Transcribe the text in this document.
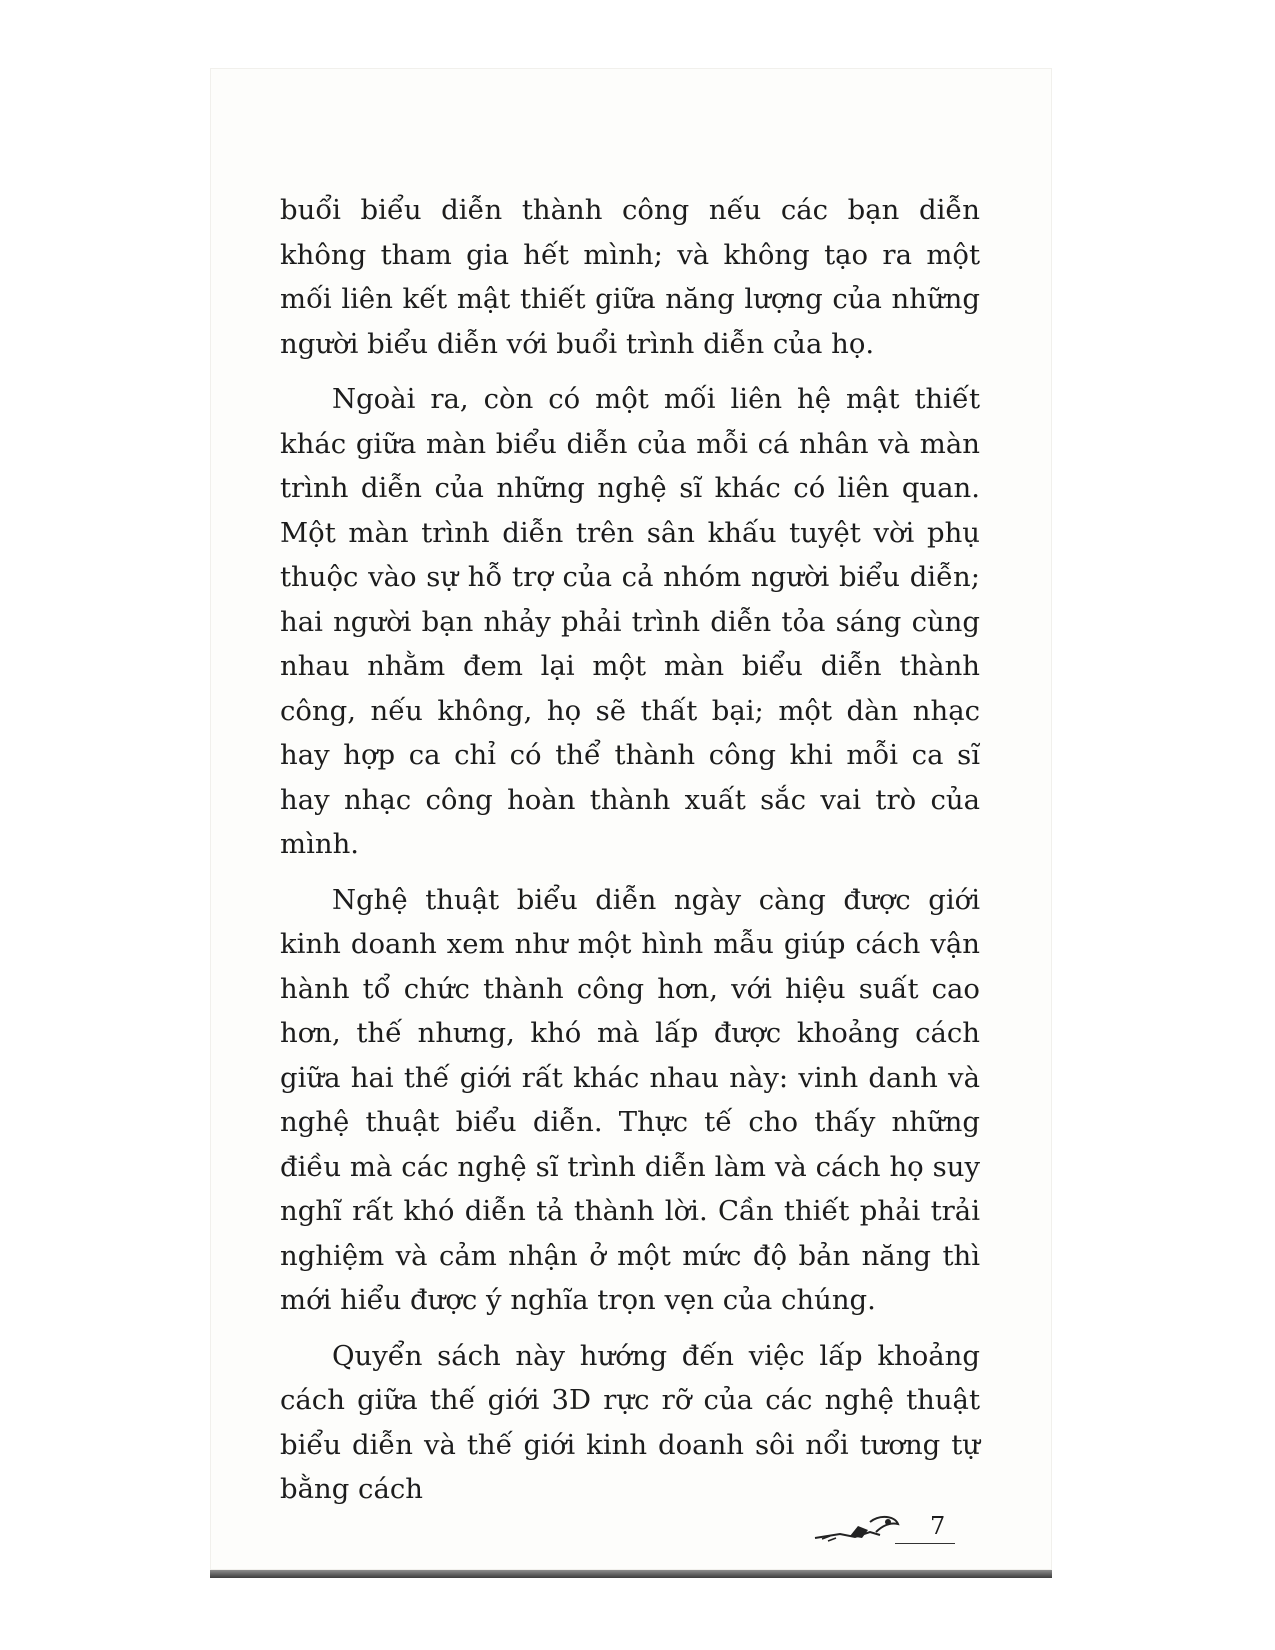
buổi biểu diễn thành công nếu các bạn diễn không tham gia hết mình; và không tạo ra một mối liên kết mật thiết giữa năng lượng của những người biểu diễn với buổi trình diễn của họ.

Ngoài ra, còn có một mối liên hệ mật thiết khác giữa màn biểu diễn của mỗi cá nhân và màn trình diễn của những nghệ sĩ khác có liên quan. Một màn trình diễn trên sân khấu tuyệt vời phụ thuộc vào sự hỗ trợ của cả nhóm người biểu diễn; hai người bạn nhảy phải trình diễn tỏa sáng cùng nhau nhằm đem lại một màn biểu diễn thành công, nếu không, họ sẽ thất bại; một dàn nhạc hay hợp ca chỉ có thể thành công khi mỗi ca sĩ hay nhạc công hoàn thành xuất sắc vai trò của mình.

Nghệ thuật biểu diễn ngày càng được giới kinh doanh xem như một hình mẫu giúp cách vận hành tổ chức thành công hơn, với hiệu suất cao hơn, thế nhưng, khó mà lấp được khoảng cách giữa hai thế giới rất khác nhau này: vinh danh và nghệ thuật biểu diễn. Thực tế cho thấy những điều mà các nghệ sĩ trình diễn làm và cách họ suy nghĩ rất khó diễn tả thành lời. Cần thiết phải trải nghiệm và cảm nhận ở một mức độ bản năng thì mới hiểu được ý nghĩa trọn vẹn của chúng.

Quyển sách này hướng đến việc lấp khoảng cách giữa thế giới 3D rực rỡ của các nghệ thuật biểu diễn và thế giới kinh doanh sôi nổi tương tự bằng cách

7
